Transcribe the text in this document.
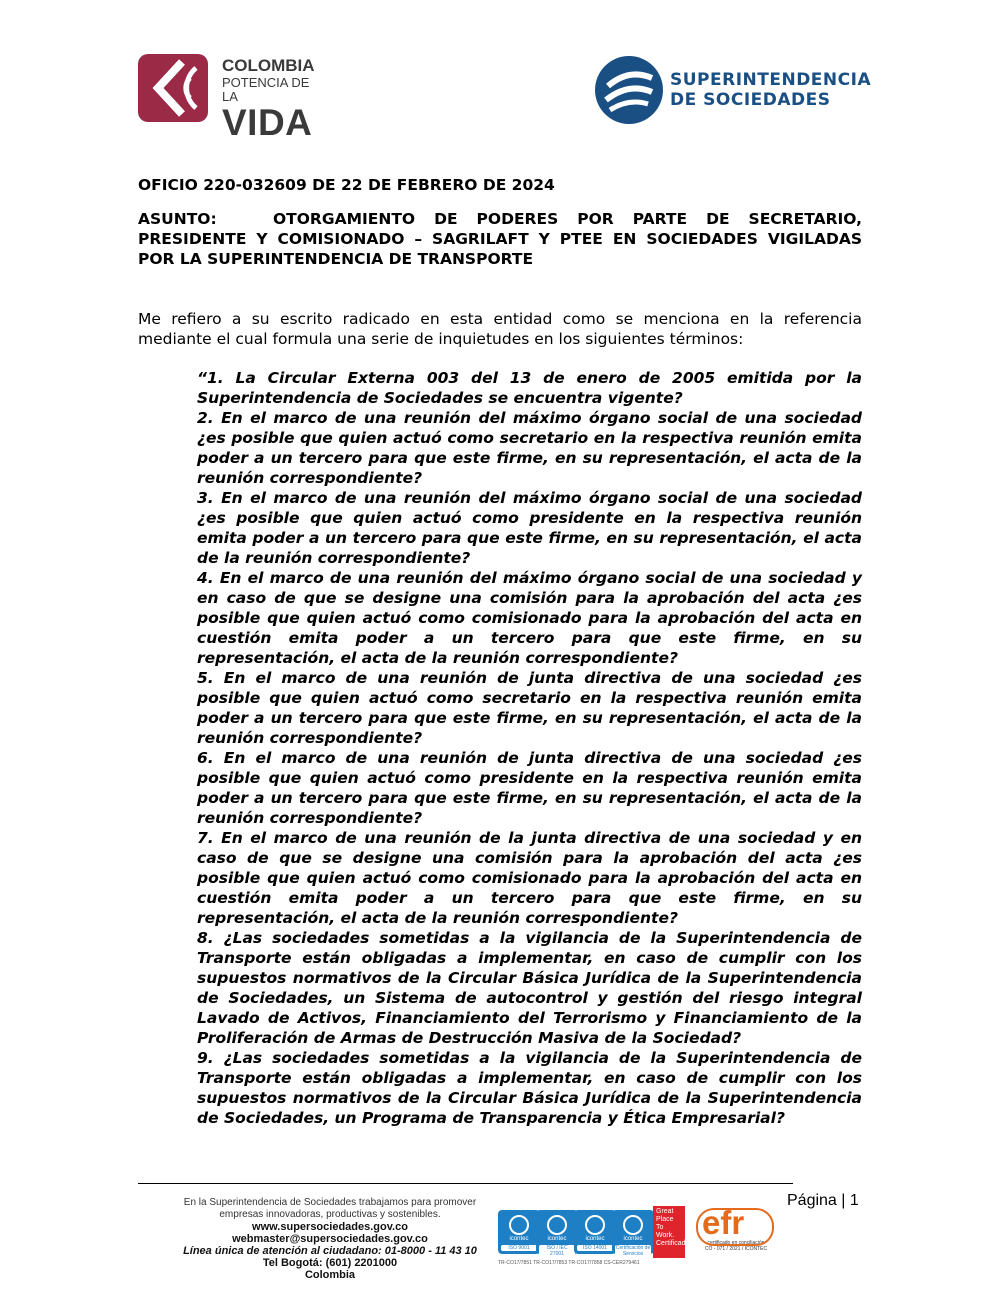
COLOMBIA
POTENCIA DE LA
VIDA
SUPERINTENDENCIA
DE SOCIEDADES
OFICIO 220-032609 DE 22 DE FEBRERO DE 2024
ASUNTO:	OTORGAMIENTO DE PODERES POR PARTE DE SECRETARIO, PRESIDENTE Y COMISIONADO – SAGRILAFT Y PTEE EN SOCIEDADES VIGILADAS POR LA SUPERINTENDENCIA DE TRANSPORTE
Me refiero a su escrito radicado en esta entidad como se menciona en la referencia mediante el cual formula una serie de inquietudes en los siguientes términos:

“1. La Circular Externa 003 del 13 de enero de 2005 emitida por la Superintendencia de Sociedades se encuentra vigente?

2. En el marco de una reunión del máximo órgano social de una sociedad ¿es posible que quien actuó como secretario en la respectiva reunión emita poder a un tercero para que este firme, en su representación, el acta de la reunión correspondiente?

3. En el marco de una reunión del máximo órgano social de una sociedad ¿es posible que quien actuó como presidente en la respectiva reunión emita poder a un tercero para que este firme, en su representación, el acta de la reunión correspondiente?

4. En el marco de una reunión del máximo órgano social de una sociedad y en caso de que se designe una comisión para la aprobación del acta ¿es posible que quien actuó como comisionado para la aprobación del acta en cuestión emita poder a un tercero para que este firme, en su representación, el acta de la reunión correspondiente?

5. En el marco de una reunión de junta directiva de una sociedad ¿es posible que quien actuó como secretario en la respectiva reunión emita poder a un tercero para que este firme, en su representación, el acta de la reunión correspondiente?

6. En el marco de una reunión de junta directiva de una sociedad ¿es posible que quien actuó como presidente en la respectiva reunión emita poder a un tercero para que este firme, en su representación, el acta de la reunión correspondiente?

7. En el marco de una reunión de la junta directiva de una sociedad y en caso de que se designe una comisión para la aprobación del acta ¿es posible que quien actuó como comisionado para la aprobación del acta en cuestión emita poder a un tercero para que este firme, en su representación, el acta de la reunión correspondiente?

8. ¿Las sociedades sometidas a la vigilancia de la Superintendencia de Transporte están obligadas a implementar, en caso de cumplir con los supuestos normativos de la Circular Básica Jurídica de la Superintendencia de Sociedades, un Sistema de autocontrol y gestión del riesgo integral Lavado de Activos, Financiamiento del Terrorismo y Financiamiento de la Proliferación de Armas de Destrucción Masiva de la Sociedad?

9. ¿Las sociedades sometidas a la vigilancia de la Superintendencia de Transporte están obligadas a implementar, en caso de cumplir con los supuestos normativos de la Circular Básica Jurídica de la Superintendencia de Sociedades, un Programa de Transparencia y Ética Empresarial?

En la Superintendencia de Sociedades trabajamos para promover
empresas innovadoras, productivas y sostenibles.
www.supersociedades.gov.co
webmaster@supersociedades.gov.co
Línea única de atención al ciudadano: 01-8000 - 11 43 10
Tel Bogotá: (601) 2201000
Colombia
Página | 1
icontec
ISO 9001
icontec
ISO / IEC 27001
icontec
ISO 14001
icontec
Certificación de Servicios
Great Place To Work. Certificado
efr
certificado en conciliación
CO - 071 / 2021 / ICONTEC
TR-CO17/7851 TR-CO17/7853 TR-CO17/7858 CS-CER279461
